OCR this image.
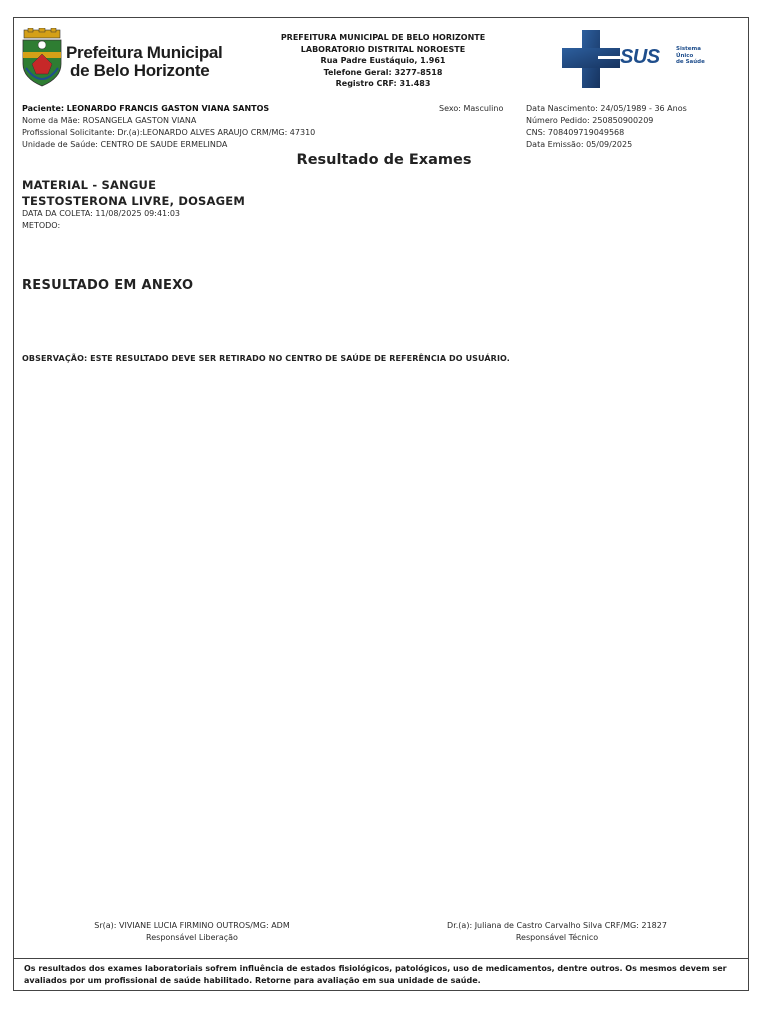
Prefeitura Municipal
de Belo Horizonte
PREFEITURA MUNICIPAL DE BELO HORIZONTE
LABORATORIO DISTRITAL NOROESTE
Rua Padre Eustáquio, 1.961
Telefone Geral: 3277-8518
Registro CRF: 31.483
SUS	Sistema
Único
de Saúde
Paciente: LEONARDO FRANCIS GASTON VIANA SANTOS
Nome da Mãe: ROSANGELA GASTON VIANA
Profissional Solicitante: Dr.(a):LEONARDO ALVES ARAUJO CRM/MG: 47310
Unidade de Saúde: CENTRO DE SAUDE ERMELINDA
Sexo: Masculino	Data Nascimento: 24/05/1989 - 36 Anos
Número Pedido: 250850900209
CNS: 708409719049568
Data Emissão: 05/09/2025
Resultado de Exames
MATERIAL - SANGUE
TESTOSTERONA LIVRE, DOSAGEM
DATA DA COLETA: 11/08/2025 09:41:03
METODO:
RESULTADO EM ANEXO
OBSERVAÇÃO: ESTE RESULTADO DEVE SER RETIRADO NO CENTRO DE SAÚDE DE REFERÊNCIA DO USUÁRIO.
Sr(a): VIVIANE LUCIA FIRMINO OUTROS/MG: ADM
Responsável Liberação
Dr.(a): Juliana de Castro Carvalho Silva CRF/MG: 21827
Responsável Técnico
Os resultados dos exames laboratoriais sofrem influência de estados fisiológicos, patológicos, uso de medicamentos, dentre outros. Os mesmos devem ser avaliados por um profissional de saúde habilitado. Retorne para avaliação em sua unidade de saúde.
